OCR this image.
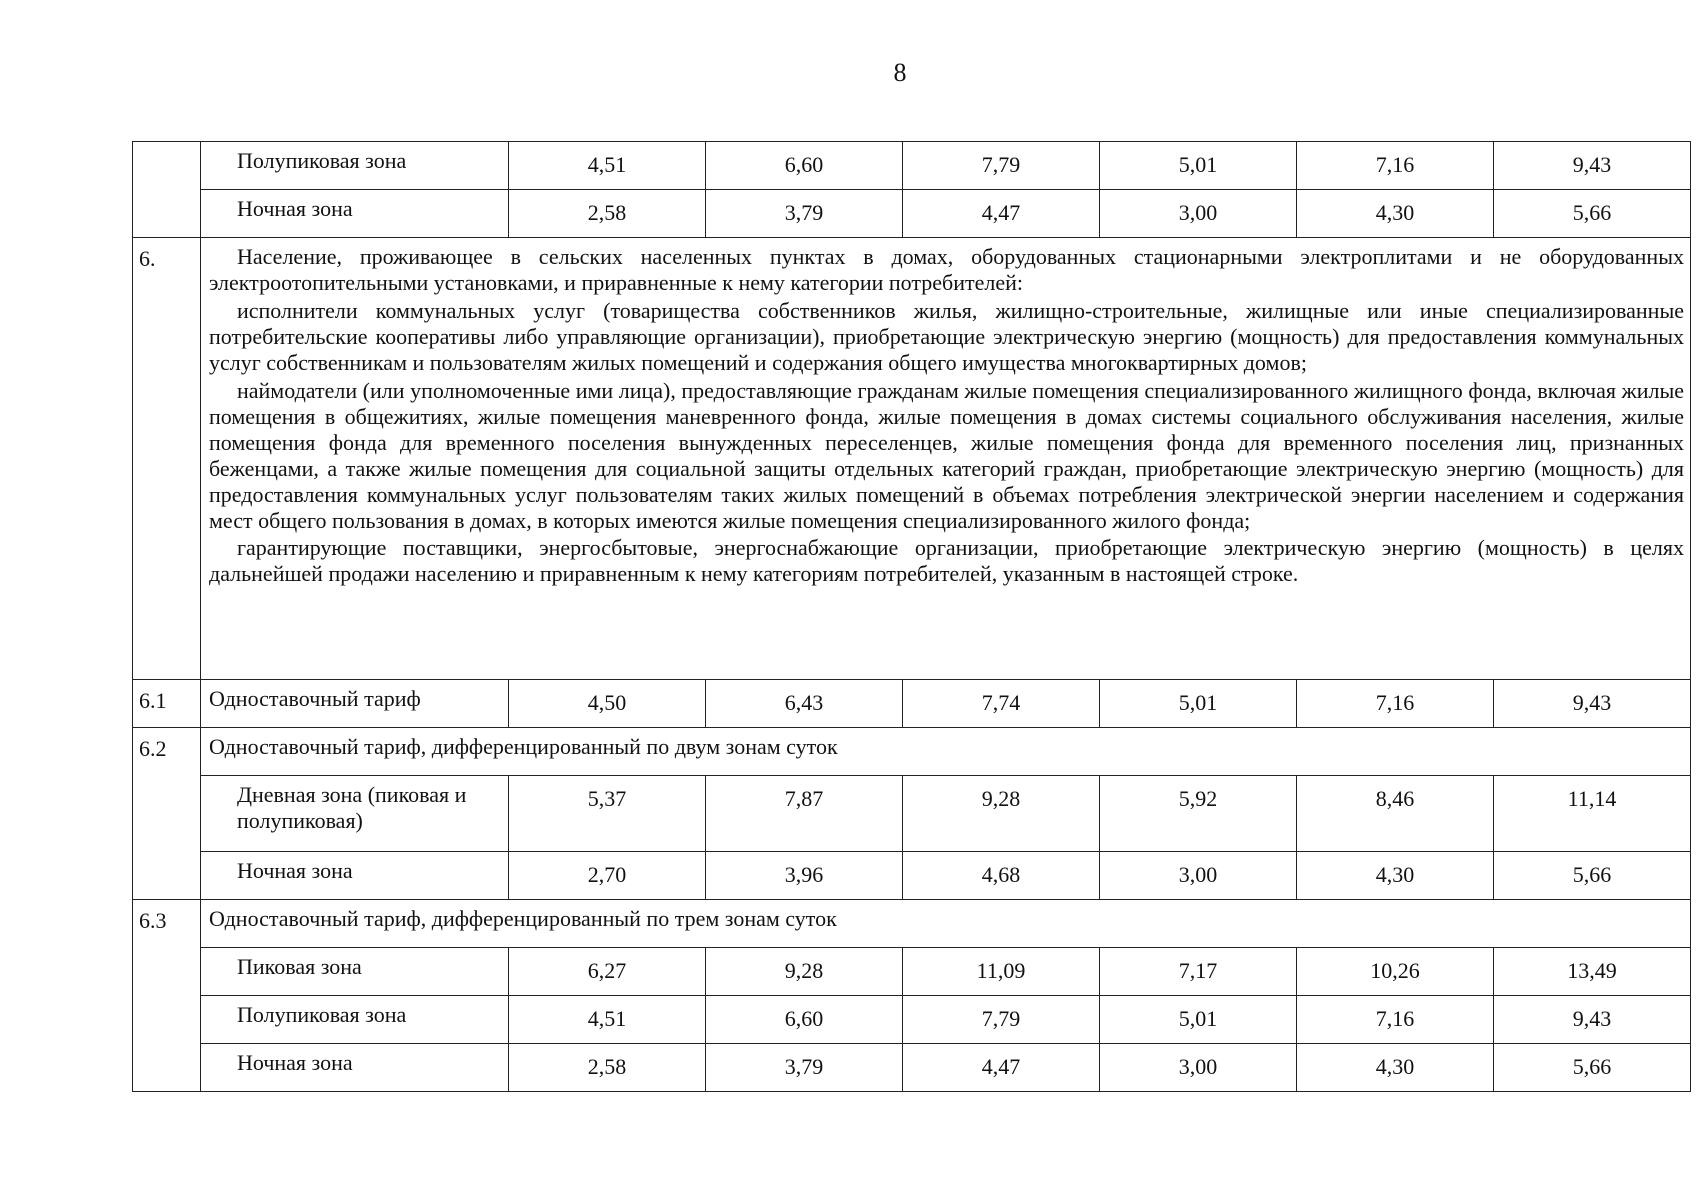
8
	Полупиковая зона	4,51	6,60	7,79	5,01	7,16	9,43
	Ночная зона	2,58	3,79	4,47	3,00	4,30	5,66
6.	Население, проживающее в сельских населенных пунктах в домах, оборудованных стационарными электроплитами и не оборудованных электроотопительными установками, и приравненные к нему категории потребителей:

исполнители коммунальных услуг (товарищества собственников жилья, жилищно-строительные, жилищные или иные специализированные потребительские кооперативы либо управляющие организации), приобретающие электрическую энергию (мощность) для предоставления коммунальных услуг собственникам и пользователям жилых помещений и содержания общего имущества многоквартирных домов;

наймодатели (или уполномоченные ими лица), предоставляющие гражданам жилые помещения специализированного жилищного фонда, включая жилые помещения в общежитиях, жилые помещения маневренного фонда, жилые помещения в домах системы социального обслуживания населения, жилые помещения фонда для временного поселения вынужденных переселенцев, жилые помещения фонда для временного поселения лиц, признанных беженцами, а также жилые помещения для социальной защиты отдельных категорий граждан, приобретающие электрическую энергию (мощность) для предоставления коммунальных услуг пользователям таких жилых помещений в объемах потребления электрической энергии населением и содержания мест общего пользования в домах, в которых имеются жилые помещения специализированного жилого фонда;

гарантирующие поставщики, энергосбытовые, энергоснабжающие организации, приобретающие электрическую энергию (мощность) в целях дальнейшей продажи населению и приравненным к нему категориям потребителей, указанным в настоящей строке.						

6.1	Одноставочный тариф	4,50	6,43	7,74	5,01	7,16	9,43
6.2	Одноставочный тариф, дифференцированный по двум зонам суток						
	Дневная зона (пиковая и полупиковая)	5,37	7,87	9,28	5,92	8,46	11,14
	Ночная зона	2,70	3,96	4,68	3,00	4,30	5,66
6.3	Одноставочный тариф, дифференцированный по трем зонам суток						
	Пиковая зона	6,27	9,28	11,09	7,17	10,26	13,49
	Полупиковая зона	4,51	6,60	7,79	5,01	7,16	9,43
	Ночная зона	2,58	3,79	4,47	3,00	4,30	5,66
